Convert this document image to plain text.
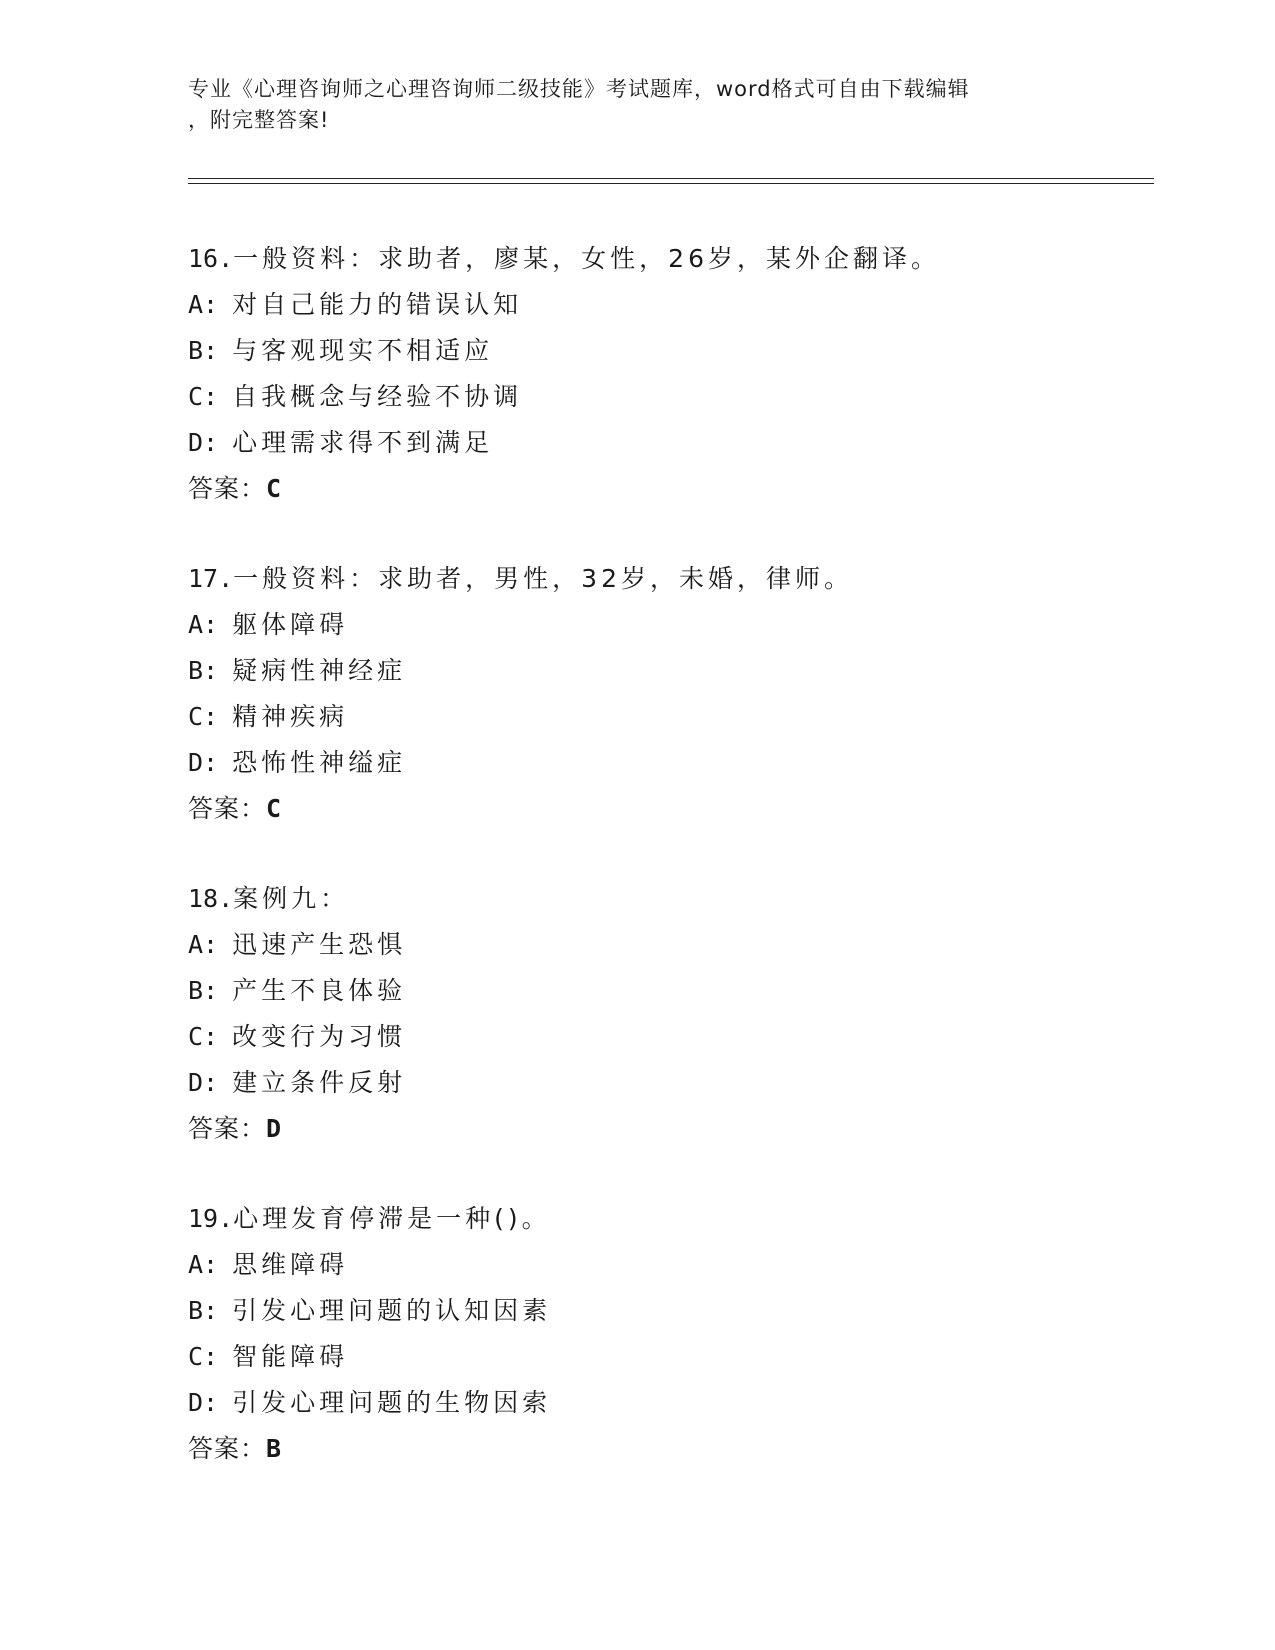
专业《心理咨询师之心理咨询师二级技能》考试题库，word格式可自由下载编辑
，附完整答案!
16.一般资料：求助者，廖某，女性，26岁，某外企翻译。
A: 对自己能力的错误认知
B: 与客观现实不相适应
C: 自我概念与经验不协调
D: 心理需求得不到满足
答案：C
17.一般资料：求助者，男性，32岁，未婚，律师。
A: 躯体障碍
B: 疑病性神经症
C: 精神疾病
D: 恐怖性神缢症
答案：C
18.案例九：
A: 迅速产生恐惧
B: 产生不良体验
C: 改变行为习惯
D: 建立条件反射
答案：D
19.心理发育停滞是一种()。
A: 思维障碍
B: 引发心理问题的认知因素
C: 智能障碍
D: 引发心理问题的生物因索
答案：B
